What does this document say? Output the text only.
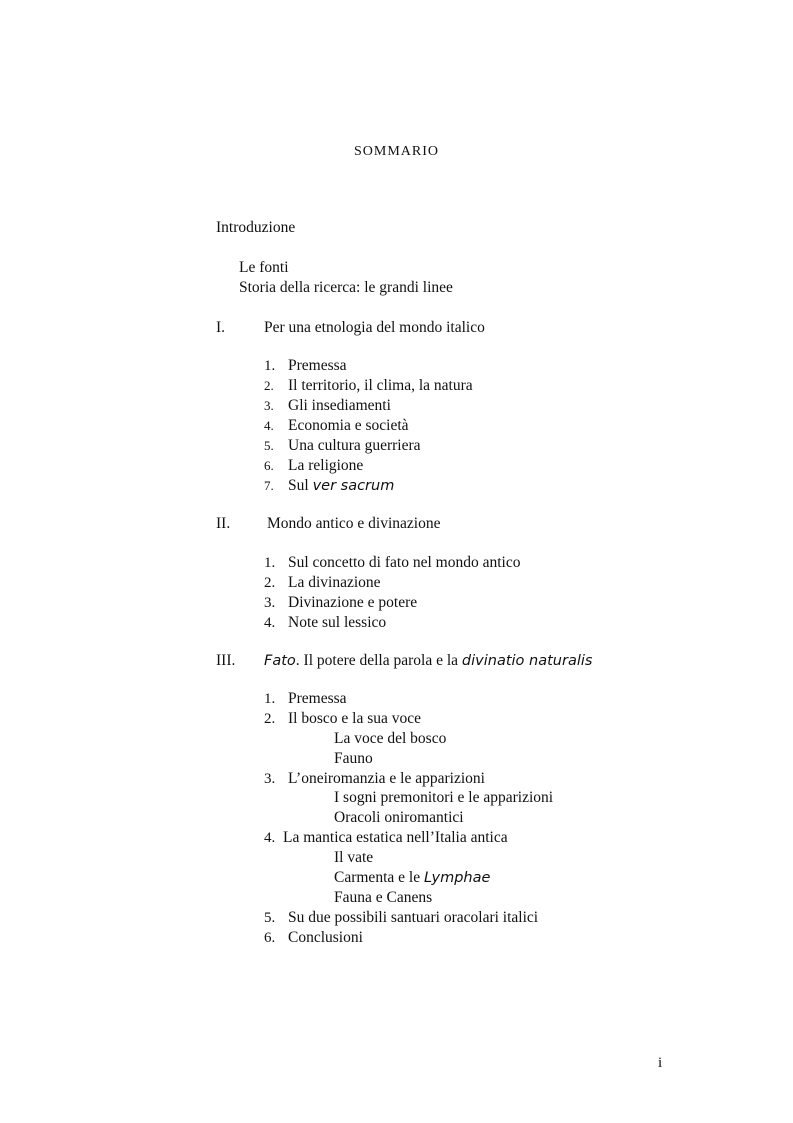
SOMMARIO
Introduzione
Le fonti
Storia della ricerca: le grandi linee
I.	Per una etnologia del mondo italico
1. Premessa
2. Il territorio, il clima, la natura
3. Gli insediamenti
4. Economia e società
5. Una cultura guerriera
6. La religione
7. Sul ver sacrum
II. Mondo antico e divinazione
1. Sul concetto di fato nel mondo antico
2. La divinazione
3. Divinazione e potere
4. Note sul lessico
III. Fato. Il potere della parola e la divinatio naturalis
1. Premessa
2. Il bosco e la sua voce
La voce del bosco
Fauno
3. L’oneiromanzia e le apparizioni
I sogni premonitori e le apparizioni
Oracoli oniromantici
4. La mantica estatica nell’Italia antica
Il vate
Carmenta e le Lymphae
Fauna e Canens
5. Su due possibili santuari oracolari italici
6. Conclusioni
i
